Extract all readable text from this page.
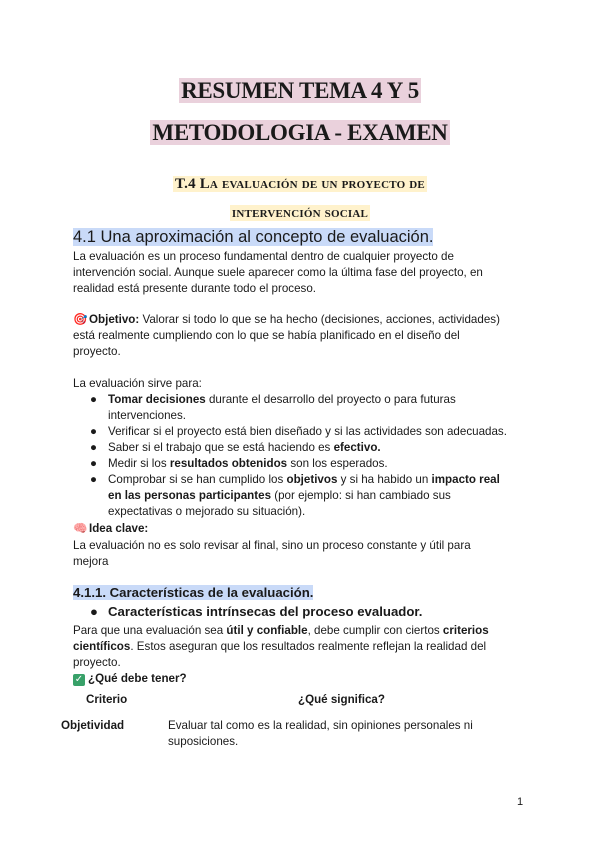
RESUMEN TEMA 4 Y 5
METODOLOGIA - EXAMEN
T.4 La evaluación de un proyecto de
intervención social
4.1 Una aproximación al concepto de evaluación.
La evaluación es un proceso fundamental dentro de cualquier proyecto de
intervención social. Aunque suele aparecer como la última fase del proyecto, en
realidad está presente durante todo el proceso.
🎯 Objetivo: Valorar si todo lo que se ha hecho (decisiones, acciones, actividades)
está realmente cumpliendo con lo que se había planificado en el diseño del
proyecto.
La evaluación sirve para:
● Tomar decisiones durante el desarrollo del proyecto o para futuras
intervenciones.
● Verificar si el proyecto está bien diseñado y si las actividades son adecuadas.
● Saber si el trabajo que se está haciendo es efectivo.
● Medir si los resultados obtenidos son los esperados.
● Comprobar si se han cumplido los objetivos y si ha habido un impacto real
en las personas participantes (por ejemplo: si han cambiado sus
expectativas o mejorado su situación).
🧠 Idea clave:
La evaluación no es solo revisar al final, sino un proceso constante y útil para
mejora
4.1.1. Características de la evaluación.
● Características intrínsecas del proceso evaluador.
Para que una evaluación sea útil y confiable, debe cumplir con ciertos criterios
científicos. Estos aseguran que los resultados realmente reflejan la realidad del
proyecto.
✓ ¿Qué debe tener?
Criterio	¿Qué significa?
Objetividad	Evaluar tal como es la realidad, sin opiniones personales ni
suposiciones.
1
